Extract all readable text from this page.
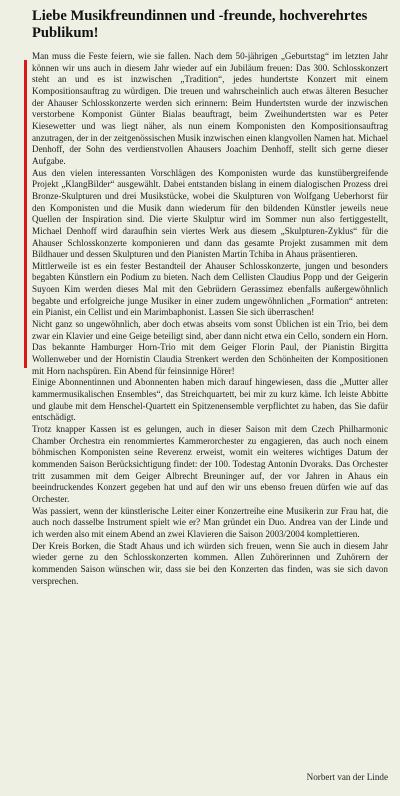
Liebe Musikfreundinnen und -freunde, hochverehrtes Publikum!

Man muss die Feste feiern, wie sie fallen. Nach dem 50-jährigen „Geburtstag“ im letzten Jahr können wir uns auch in diesem Jahr wieder auf ein Jubiläum freuen: Das 300. Schlosskonzert steht an und es ist inzwischen „Tradition“, jedes hundertste Konzert mit einem Kompositionsauftrag zu würdigen. Die treuen und wahrscheinlich auch etwas älteren Besucher der Ahauser Schlosskonzerte werden sich erinnern: Beim Hundertsten wurde der inzwischen verstorbene Komponist Günter Bialas beauftragt, beim Zweihundertsten war es Peter Kiesewetter und was liegt näher, als nun einem Komponisten den Kompositionsauftrag anzutragen, der in der zeitgenössischen Musik inzwischen einen klangvollen Namen hat. Michael Denhoff, der Sohn des verdienstvollen Ahausers Joachim Denhoff, stellt sich gerne dieser Aufgabe.

Aus den vielen interessanten Vorschlägen des Komponisten wurde das kunstübergreifende Projekt „KlangBilder“ ausgewählt. Dabei entstanden bislang in einem dialogischen Prozess drei Bronze-Skulpturen und drei Musikstücke, wobei die Skulpturen von Wolfgang Ueberhorst für den Komponisten und die Musik dann wiederum für den bildenden Künstler jeweils neue Quellen der Inspiration sind. Die vierte Skulptur wird im Sommer nun also fertiggestellt, Michael Denhoff wird daraufhin sein viertes Werk aus diesem „Skulpturen-Zyklus“ für die Ahauser Schlosskonzerte komponieren und dann das gesamte Projekt zusammen mit dem Bildhauer und dessen Skulpturen und den Pianisten Martin Tchiba in Ahaus präsentieren.

Mittlerweile ist es ein fester Bestandteil der Ahauser Schlosskonzerte, jungen und besonders begabten Künstlern ein Podium zu bieten. Nach dem Cellisten Claudius Popp und der Geigerin Suyoen Kim werden dieses Mal mit den Gebrüdern Gerassimez ebenfalls außergewöhnlich begabte und erfolgreiche junge Musiker in einer zudem ungewöhnlichen „Formation“ antreten: ein Pianist, ein Cellist und ein Marimbaphonist. Lassen Sie sich überraschen!

Nicht ganz so ungewöhnlich, aber doch etwas abseits vom sonst Üblichen ist ein Trio, bei dem zwar ein Klavier und eine Geige beteiligt sind, aber dann nicht etwa ein Cello, sondern ein Horn. Das bekannte Hamburger Horn-Trio mit dem Geiger Florin Paul, der Pianistin Birgitta Wollenweber und der Hornistin Claudia Strenkert werden den Schönheiten der Kompositionen mit Horn nachspüren. Ein Abend für feinsinnige Hörer!

Einige Abonnentinnen und Abonnenten haben mich darauf hingewiesen, dass die „Mutter aller kammermusikalischen Ensembles“, das Streichquartett, bei mir zu kurz käme. Ich leiste Abbitte und glaube mit dem Henschel-Quartett ein Spitzenensemble verpflichtet zu haben, das Sie dafür entschädigt.

Trotz knapper Kassen ist es gelungen, auch in dieser Saison mit dem Czech Philharmonic Chamber Orchestra ein renommiertes Kammerorchester zu engagieren, das auch noch einem böhmischen Komponisten seine Reverenz erweist, womit ein weiteres wichtiges Datum der kommenden Saison Berücksichtigung findet: der 100. Todestag Antonín Dvoraks. Das Orchester tritt zusammen mit dem Geiger Albrecht Breuninger auf, der vor Jahren in Ahaus ein beeindruckendes Konzert gegeben hat und auf den wir uns ebenso freuen dürfen wie auf das Orchester.

Was passiert, wenn der künstlerische Leiter einer Konzertreihe eine Musikerin zur Frau hat, die auch noch dasselbe Instrument spielt wie er? Man gründet ein Duo. Andrea van der Linde und ich werden also mit einem Abend an zwei Klavieren die Saison 2003/2004 komplettieren.

Der Kreis Borken, die Stadt Ahaus und ich würden sich freuen, wenn Sie auch in diesem Jahr wieder gerne zu den Schlosskonzerten kommen. Allen Zuhörerinnen und Zuhörern der kommenden Saison wünschen wir, dass sie bei den Konzerten das finden, was sie sich davon versprechen.

Norbert van der Linde
